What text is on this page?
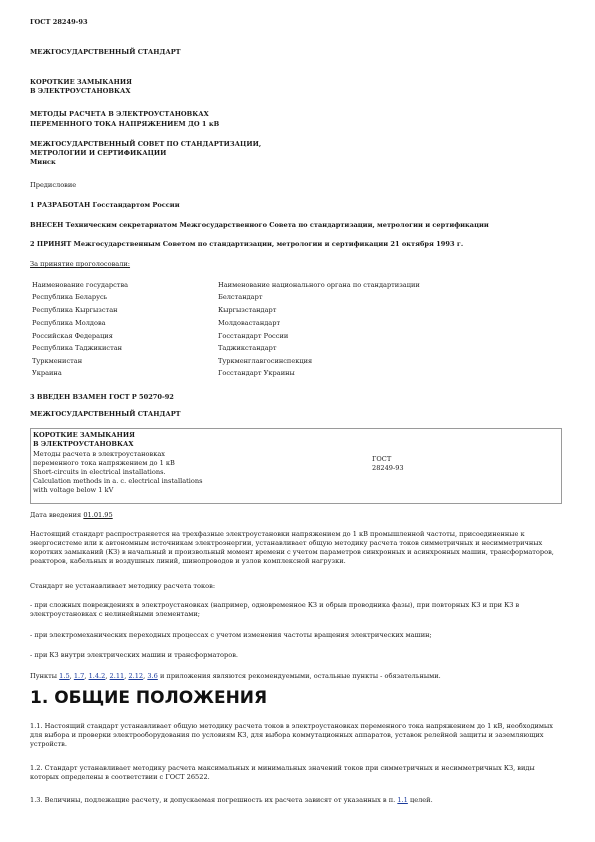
ГОСТ 28249-93
МЕЖГОСУДАРСТВЕННЫЙ СТАНДАРТ
КОРОТКИЕ ЗАМЫКАНИЯ
В ЭЛЕКТРОУСТАНОВКАХ
МЕТОДЫ РАСЧЕТА В ЭЛЕКТРОУСТАНОВКАХ
ПЕРЕМЕННОГО ТОКА НАПРЯЖЕНИЕМ ДО 1 кВ
МЕЖГОСУДАРСТВЕННЫЙ СОВЕТ ПО СТАНДАРТИЗАЦИИ,
МЕТРОЛОГИИ И СЕРТИФИКАЦИИ
Минск
Предисловие
1 РАЗРАБОТАН Госстандартом России
ВНЕСЕН Техническим секретариатом Межгосударственного Совета по стандартизации, метрологии и сертификации
2 ПРИНЯТ Межгосударственным Советом по стандартизации, метрологии и сертификации 21 октября 1993 г.
За принятие проголосовали:
Наименование государства	Наименование национального органа по стандартизации
Республика Беларусь	Белстандарт
Республика Кыргызстан	Кыргызстандарт
Республика Молдова	Молдовастандарт
Российская Федерация	Госстандарт России
Республика Таджикистан	Таджикстандарт
Туркменистан	Туркменглавгосинспекция
Украина	Госстандарт Украины
3 ВВЕДЕН ВЗАМЕН ГОСТ Р 50270-92
МЕЖГОСУДАРСТВЕННЫЙ СТАНДАРТ
КОРОТКИЕ ЗАМЫКАНИЯ
В ЭЛЕКТРОУСТАНОВКАХ
Методы расчета в электроустановках
переменного тока напряжением до 1 кВ
Short-circuits in electrical installations.
Calculation methods in a. c. electrical installations
with voltage below 1 kV
ГОСТ
28249-93
Дата введения 01.01.95
Настоящий стандарт распространяется на трехфазные электроустановки напряжением до 1 кВ промышленной частоты, присоединенные к энергосистеме или к автономным источникам электроэнергии, устанавливает общую методику расчета токов симметричных и несимметричных коротких замыканий (КЗ) в начальный и произвольный момент времени с учетом параметров синхронных и асинхронных машин, трансформаторов, реакторов, кабельных и воздушных линий, шинопроводов и узлов комплексной нагрузки.
Стандарт не устанавливает методику расчета токов:
- при сложных повреждениях в электроустановках (например, одновременное КЗ и обрыв проводника фазы), при повторных КЗ и при КЗ в электроустановках с нелинейными элементами;
- при электромеханических переходных процессах с учетом изменения частоты вращения электрических машин;
- при КЗ внутри электрических машин и трансформаторов.
Пункты 1.5, 1.7, 1.4.2, 2.11, 2.12, 3.6 и приложения являются рекомендуемыми, остальные пункты - обязательными.
1. ОБЩИЕ ПОЛОЖЕНИЯ
1.1. Настоящий стандарт устанавливает общую методику расчета токов в электроустановках переменного тока напряжением до 1 кВ, необходимых для выбора и проверки электрооборудования по условиям КЗ, для выбора коммутационных аппаратов, уставок релейной защиты и заземляющих устройств.
1.2. Стандарт устанавливает методику расчета максимальных и минимальных значений токов при симметричных и несимметричных КЗ, виды которых определены в соответствии с ГОСТ 26522.
1.3. Величины, подлежащие расчету, и допускаемая погрешность их расчета зависят от указанных в п. 1.1 целей.
